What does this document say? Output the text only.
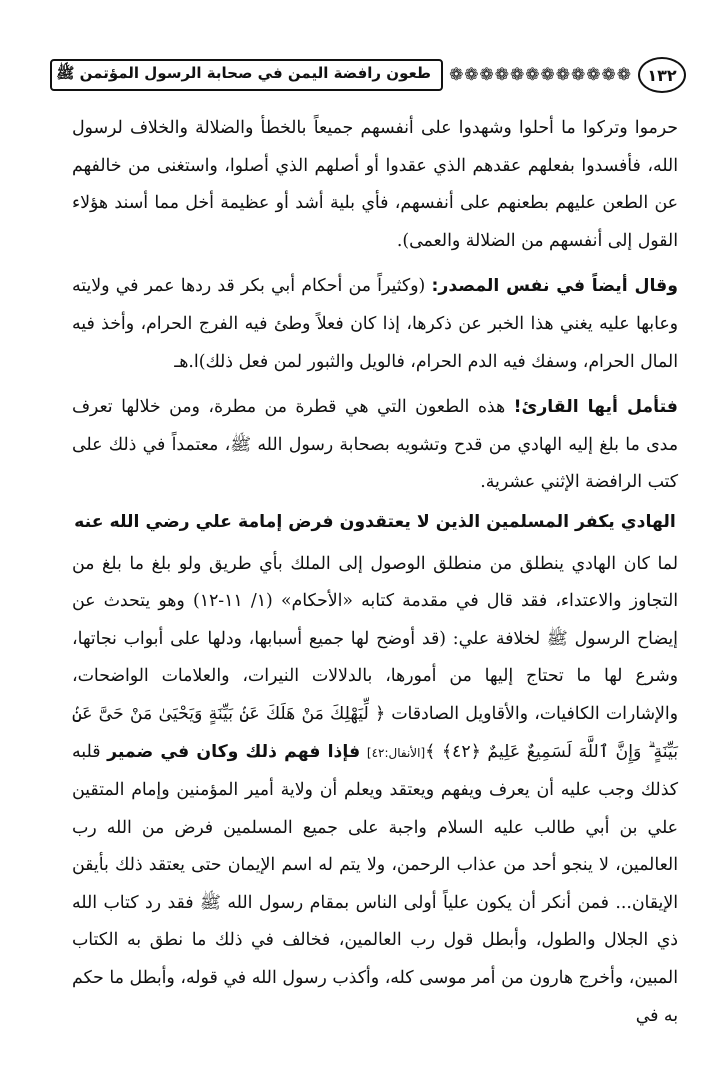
١٣٢
❁❁❁❁❁❁❁❁❁❁❁❁
طعون رافضة اليمن في صحابة الرسول المؤتمن ﷺ

حرموا وتركوا ما أحلوا وشهدوا على أنفسهم جميعاً بالخطأ والضلالة والخلاف لرسول الله، فأفسدوا بفعلهم عقدهم الذي عقدوا أو أصلهم الذي أصلوا، واستغنى من خالفهم عن الطعن عليهم بطعنهم على أنفسهم، فأي بلية أشد أو عظيمة أخل مما أسند هؤلاء القول إلى أنفسهم من الضلالة والعمى).

وقال أيضاً في نفس المصدر: (وكثيراً من أحكام أبي بكر قد ردها عمر في ولايته وعابها عليه يغني هذا الخبر عن ذكرها، إذا كان فعلاً وطئ فيه الفرج الحرام، وأخذ فيه المال الحرام، وسفك فيه الدم الحرام، فالويل والثبور لمن فعل ذلك)ا.هـ

فتأمل أيها القارئ! هذه الطعون التي هي قطرة من مطرة، ومن خلالها تعرف مدى ما بلغ إليه الهادي من قدح وتشويه بصحابة رسول الله ﷺ، معتمداً في ذلك على كتب الرافضة الإثني عشرية.

الهادي يكفر المسلمين الذين لا يعتقدون فرض إمامة علي رضي الله عنه

لما كان الهادي ينطلق من منطلق الوصول إلى الملك بأي طريق ولو بلغ ما بلغ من التجاوز والاعتداء، فقد قال في مقدمة كتابه «الأحكام» (١/ ١١-١٢) وهو يتحدث عن إيضاح الرسول ﷺ لخلافة علي: (قد أوضح لها جميع أسبابها، ودلها على أبواب نجاتها، وشرع لها ما تحتاج إليها من أمورها، بالدلالات النيرات، والعلامات الواضحات، والإشارات الكافيات، والأقاويل الصادقات ﴿ لِّيَهْلِكَ مَنْ هَلَكَ عَنۢ بَيِّنَةٍ وَيَحْيَىٰ مَنْ حَىَّ عَنۢ بَيِّنَةٍ ۗ وَإِنَّ ٱللَّهَ لَسَمِيعٌ عَلِيمٌ ﴿٤٢﴾ ﴾[الأنفال:٤٢] فإذا فهم ذلك وكان في ضمير قلبه كذلك وجب عليه أن يعرف ويفهم ويعتقد ويعلم أن ولاية أمير المؤمنين وإمام المتقين علي بن أبي طالب عليه السلام واجبة على جميع المسلمين فرض من الله رب العالمين، لا ينجو أحد من عذاب الرحمن، ولا يتم له اسم الإيمان حتى يعتقد ذلك بأيقن الإيقان... فمن أنكر أن يكون علياً أولى الناس بمقام رسول الله ﷺ فقد رد كتاب الله ذي الجلال والطول، وأبطل قول رب العالمين، فخالف في ذلك ما نطق به الكتاب المبين، وأخرج هارون من أمر موسى كله، وأكذب رسول الله في قوله، وأبطل ما حكم به في
